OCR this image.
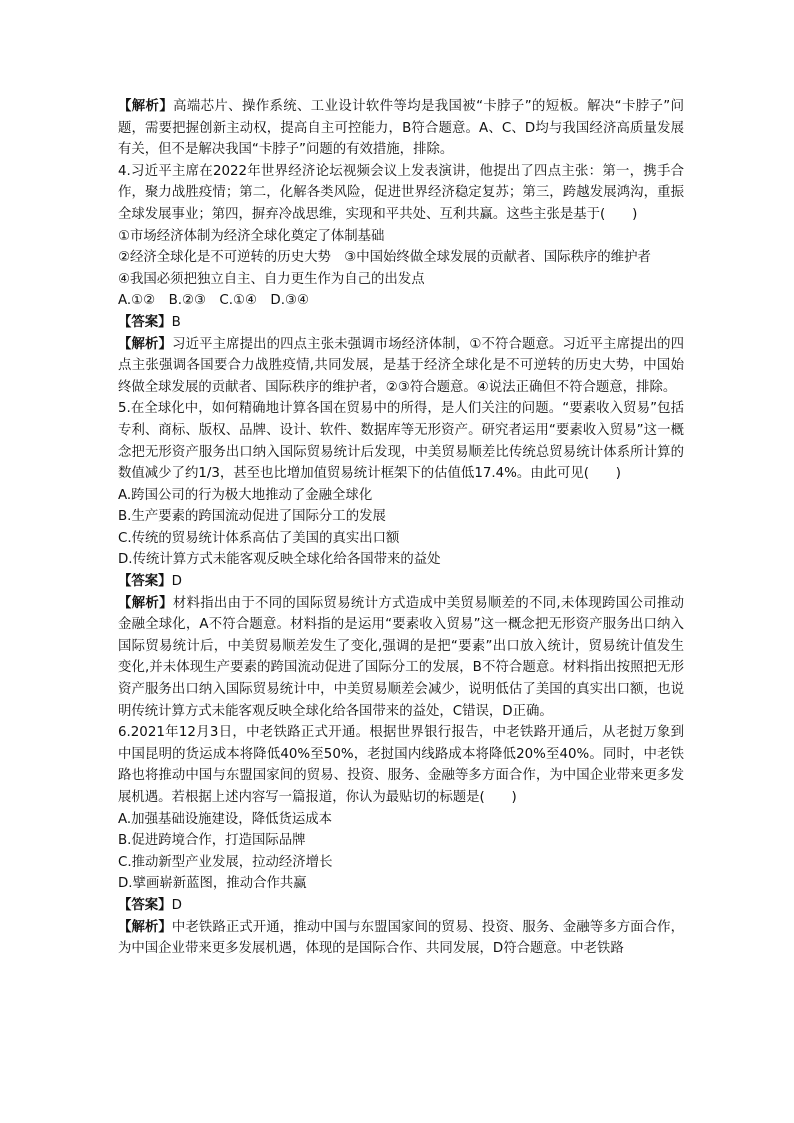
【解析】高端芯片、操作系统、工业设计软件等均是我国被“卡脖子”的短板。解决“卡脖子”问题，需要把握创新主动权，提高自主可控能力，B符合题意。A、C、D均与我国经济高质量发展有关，但不是解决我国“卡脖子”问题的有效措施，排除。

4.习近平主席在2022年世界经济论坛视频会议上发表演讲，他提出了四点主张：第一，携手合作，聚力战胜疫情；第二，化解各类风险，促进世界经济稳定复苏；第三，跨越发展鸿沟，重振全球发展事业；第四，摒弃冷战思维，实现和平共处、互利共赢。这些主张是基于(　　)

①市场经济体制为经济全球化奠定了体制基础

②经济全球化是不可逆转的历史大势　③中国始终做全球发展的贡献者、国际秩序的维护者

④我国必须把独立自主、自力更生作为自己的出发点

A.①②　B.②③　C.①④　D.③④

【答案】B

【解析】习近平主席提出的四点主张未强调市场经济体制，①不符合题意。习近平主席提出的四点主张强调各国要合力战胜疫情,共同发展，是基于经济全球化是不可逆转的历史大势，中国始终做全球发展的贡献者、国际秩序的维护者，②③符合题意。④说法正确但不符合题意，排除。

5.在全球化中，如何精确地计算各国在贸易中的所得，是人们关注的问题。“要素收入贸易”包括专利、商标、版权、品牌、设计、软件、数据库等无形资产。研究者运用“要素收入贸易”这一概念把无形资产服务出口纳入国际贸易统计后发现，中美贸易顺差比传统总贸易统计体系所计算的数值减少了约1/3，甚至也比增加值贸易统计框架下的估值低17.4%。由此可见(　　)

A.跨国公司的行为极大地推动了金融全球化

B.生产要素的跨国流动促进了国际分工的发展

C.传统的贸易统计体系高估了美国的真实出口额

D.传统计算方式未能客观反映全球化给各国带来的益处

【答案】D

【解析】材料指出由于不同的国际贸易统计方式造成中美贸易顺差的不同,未体现跨国公司推动金融全球化，A不符合题意。材料指的是运用“要素收入贸易”这一概念把无形资产服务出口纳入国际贸易统计后，中美贸易顺差发生了变化,强调的是把“要素”出口放入统计，贸易统计值发生变化,并未体现生产要素的跨国流动促进了国际分工的发展，B不符合题意。材料指出按照把无形资产服务出口纳入国际贸易统计中，中美贸易顺差会减少，说明低估了美国的真实出口额，也说明传统计算方式未能客观反映全球化给各国带来的益处，C错误，D正确。

6.2021年12月3日，中老铁路正式开通。根据世界银行报告，中老铁路开通后，从老挝万象到中国昆明的货运成本将降低40%至50%，老挝国内线路成本将降低20%至40%。同时，中老铁路也将推动中国与东盟国家间的贸易、投资、服务、金融等多方面合作，为中国企业带来更多发展机遇。若根据上述内容写一篇报道，你认为最贴切的标题是(　　)

A.加强基础设施建设，降低货运成本

B.促进跨境合作，打造国际品牌

C.推动新型产业发展，拉动经济增长

D.擘画崭新蓝图，推动合作共赢

【答案】D

【解析】中老铁路正式开通，推动中国与东盟国家间的贸易、投资、服务、金融等多方面合作，为中国企业带来更多发展机遇，体现的是国际合作、共同发展，D符合题意。中老铁路
